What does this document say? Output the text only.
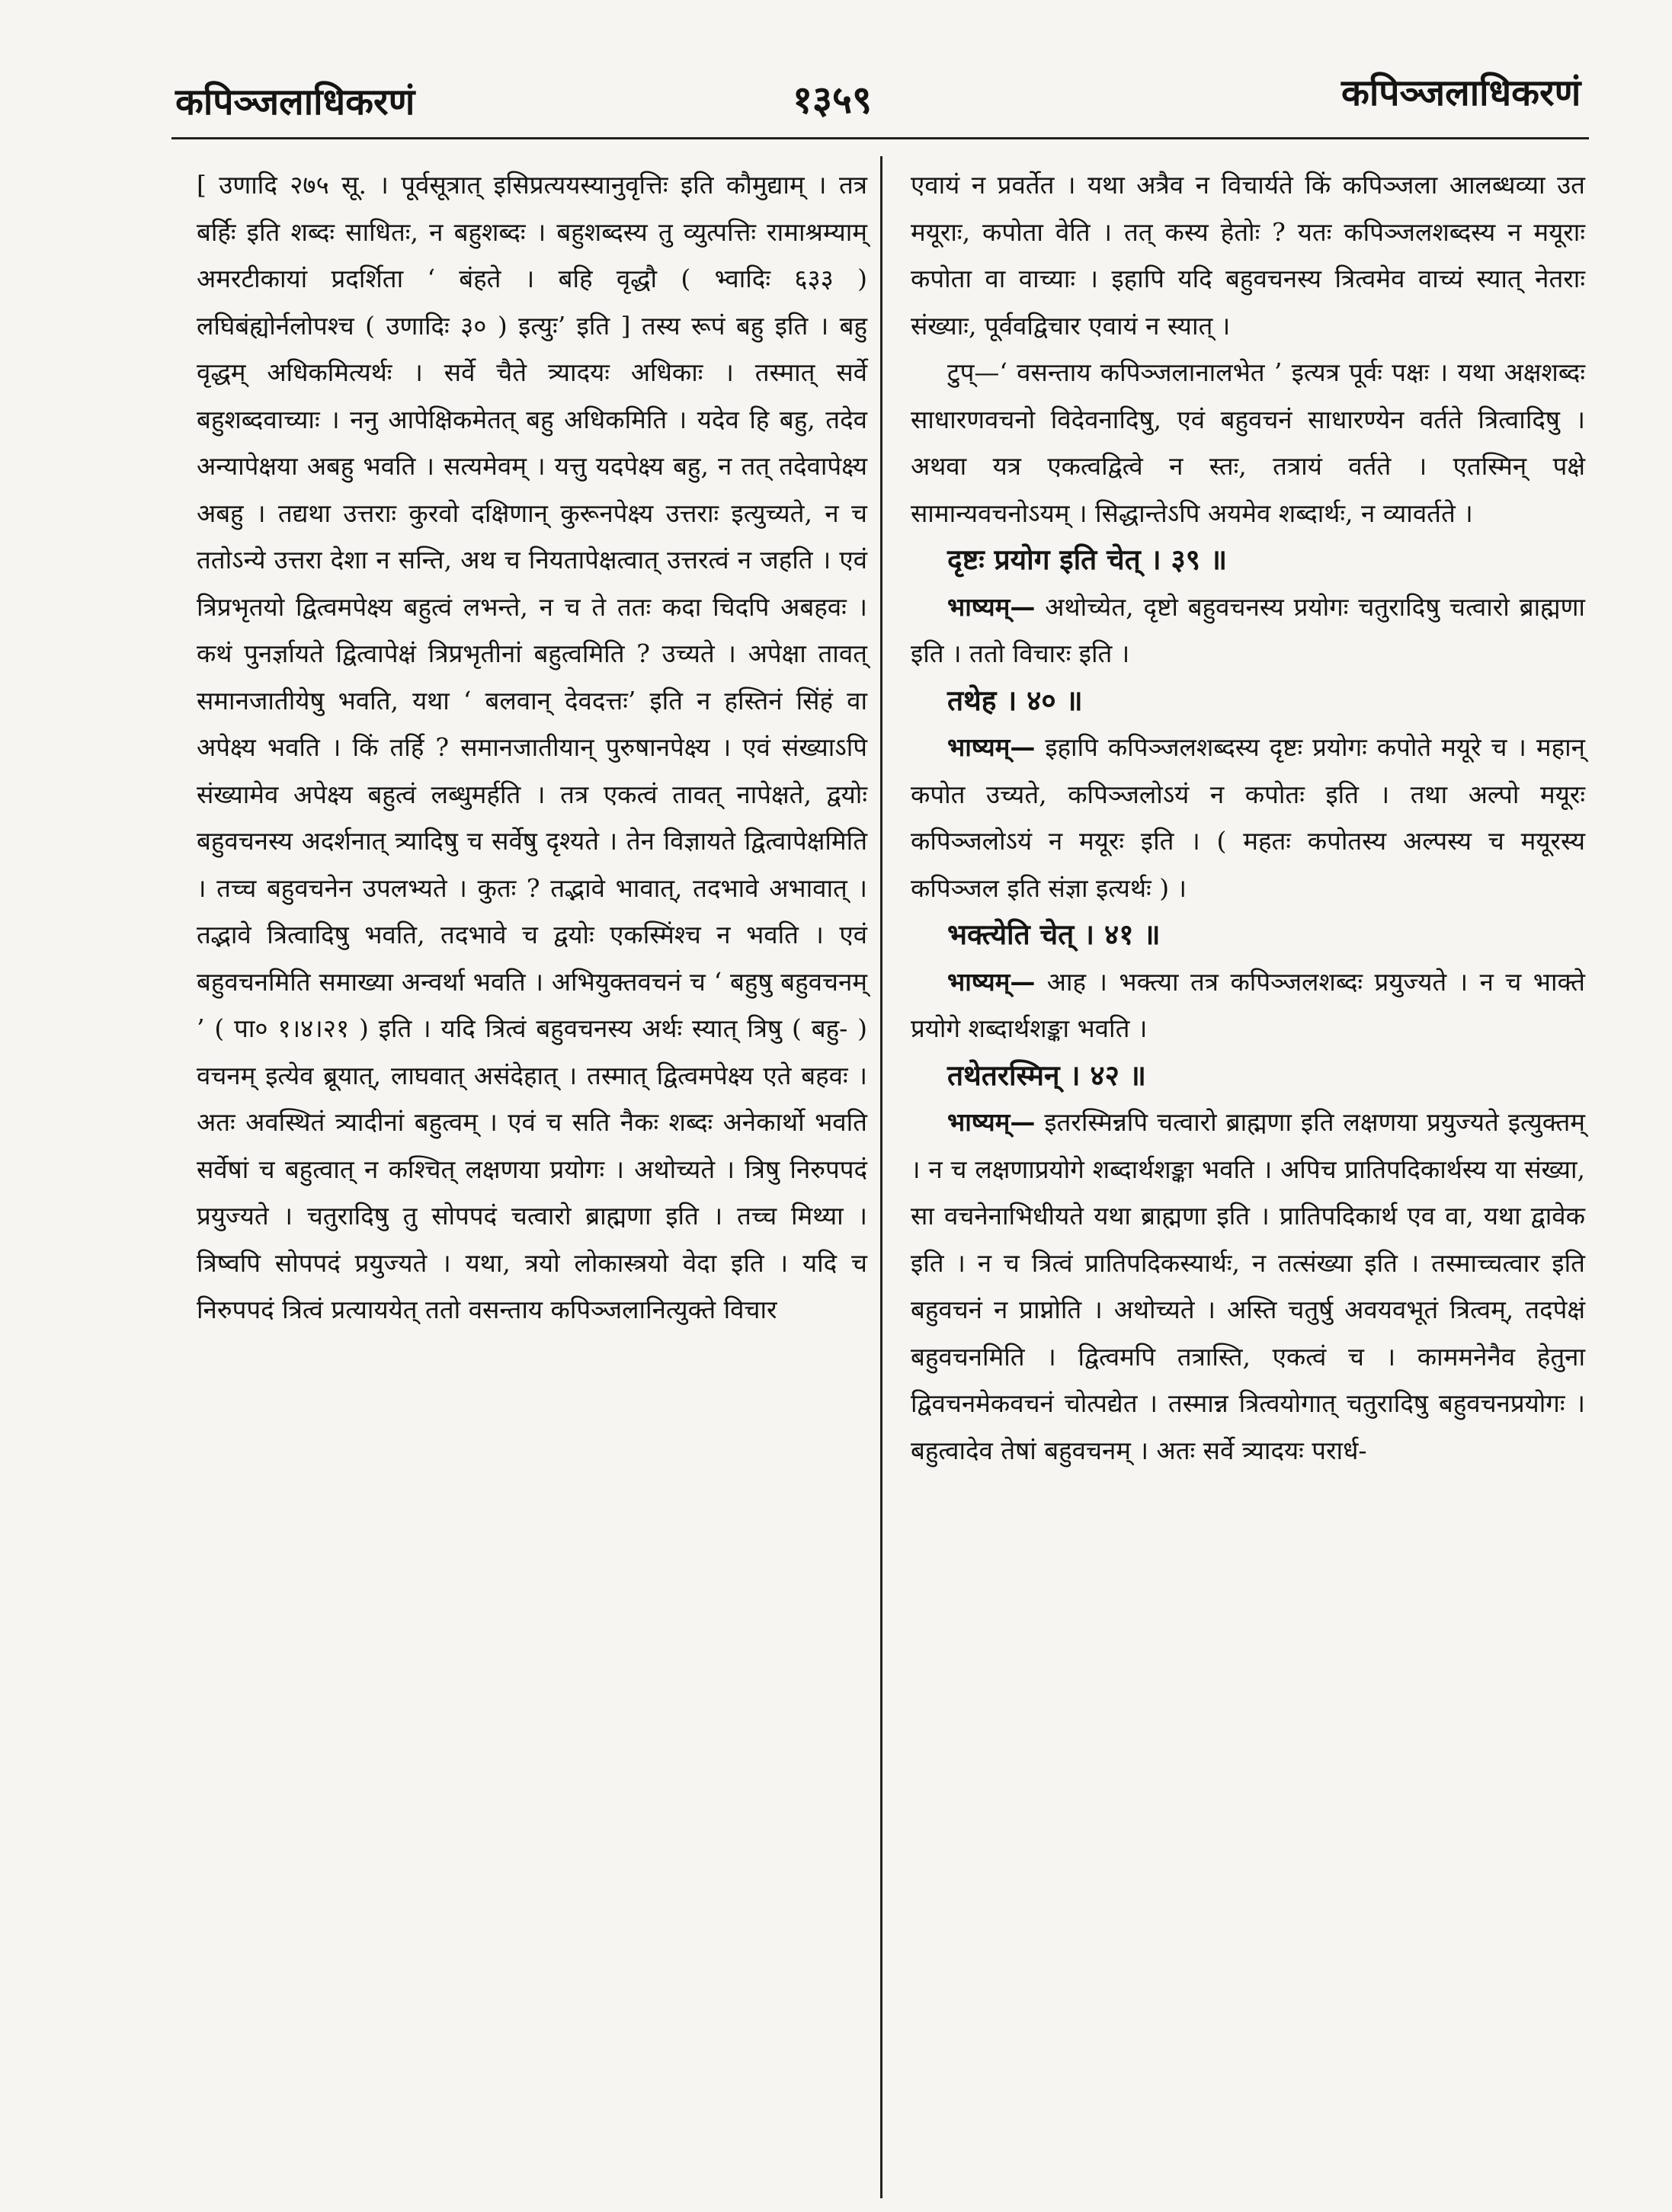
कपिञ्जलाधिकरणं	१३५९	कपिञ्जलाधिकरणं

[ उणादि २७५ सू. । पूर्वसूत्रात् इसिप्रत्ययस्यानुवृत्तिः इति कौमुद्याम् । तत्र बर्हिः इति शब्दः साधितः, न बहुशब्दः । बहुशब्दस्य तु व्युत्पत्तिः रामाश्रम्याम् अमरटीकायां प्रदर्शिता ‘ बंहते । बहि वृद्धौ ( भ्वादिः ६३३ ) लघिबंह्योर्नलोपश्च ( उणादिः ३० ) इत्युः’ इति ] तस्य रूपं बहु इति । बहु वृद्धम् अधिकमित्यर्थः । सर्वे चैते त्र्यादयः अधिकाः । तस्मात् सर्वे बहुशब्दवाच्याः । ननु आपेक्षिकमेतत् बहु अधिकमिति । यदेव हि बहु, तदेव अन्यापेक्षया अबहु भवति । सत्यमेवम् । यत्तु यदपेक्ष्य बहु, न तत् तदेवापेक्ष्य अबहु । तद्यथा उत्तराः कुरवो दक्षिणान् कुरूनपेक्ष्य उत्तराः इत्युच्यते, न च ततोऽन्ये उत्तरा देशा न सन्ति, अथ च नियतापेक्षत्वात् उत्तरत्वं न जहति । एवं त्रिप्रभृतयो द्वित्वमपेक्ष्य बहुत्वं लभन्ते, न च ते ततः कदा चिदपि अबहवः । कथं पुनर्ज्ञायते द्वित्वापेक्षं त्रिप्रभृतीनां बहुत्वमिति ? उच्यते । अपेक्षा तावत् समानजातीयेषु भवति, यथा ‘ बलवान् देवदत्तः’ इति न हस्तिनं सिंहं वा अपेक्ष्य भवति । किं तर्हि ? समानजातीयान् पुरुषानपेक्ष्य । एवं संख्याऽपि संख्यामेव अपेक्ष्य बहुत्वं लब्धुमर्हति । तत्र एकत्वं तावत् नापेक्षते, द्वयोः बहुवचनस्य अदर्शनात् त्र्यादिषु च सर्वेषु दृश्यते । तेन विज्ञायते द्वित्वापेक्षमिति । तच्च बहुवचनेन उपलभ्यते । कुतः ? तद्भावे भावात्, तदभावे अभावात् । तद्भावे त्रित्वादिषु भवति, तदभावे च द्वयोः एकस्मिंश्च न भवति । एवं बहुवचनमिति समाख्या अन्वर्था भवति । अभियुक्तवचनं च ‘ बहुषु बहुवचनम् ’ ( पा० १।४।२१ ) इति । यदि त्रित्वं बहुवचनस्य अर्थः स्यात् त्रिषु ( बहु- ) वचनम् इत्येव ब्रूयात्, लाघवात् असंदेहात् । तस्मात् द्वित्वमपेक्ष्य एते बहवः । अतः अवस्थितं त्र्यादीनां बहुत्वम् । एवं च सति नैकः शब्दः अनेकार्थो भवति सर्वेषां च बहुत्वात् न कश्चित् लक्षणया प्रयोगः । अथोच्यते । त्रिषु निरुपपदं प्रयुज्यते । चतुरादिषु तु सोपपदं चत्वारो ब्राह्मणा इति । तच्च मिथ्या । त्रिष्वपि सोपपदं प्रयुज्यते । यथा, त्रयो लोकास्त्रयो वेदा इति । यदि च निरुपपदं त्रित्वं प्रत्याययेत् ततो वसन्ताय कपिञ्जलानित्युक्ते विचार

एवायं न प्रवर्तेत । यथा अत्रैव न विचार्यते किं कपिञ्जला आलब्धव्या उत मयूराः, कपोता वेति । तत् कस्य हेतोः ? यतः कपिञ्जलशब्दस्य न मयूराः कपोता वा वाच्याः । इहापि यदि बहुवचनस्य त्रित्वमेव वाच्यं स्यात् नेतराः संख्याः, पूर्ववद्विचार एवायं न स्यात् ।

टुप्—‘ वसन्ताय कपिञ्जलानालभेत ’ इत्यत्र पूर्वः पक्षः । यथा अक्षशब्दः साधारणवचनो विदेवनादिषु, एवं बहुवचनं साधारण्येन वर्तते त्रित्वादिषु । अथवा यत्र एकत्वद्वित्वे न स्तः, तत्रायं वर्तते । एतस्मिन् पक्षे सामान्यवचनोऽयम् । सिद्धान्तेऽपि अयमेव शब्दार्थः, न व्यावर्तते ।

दृष्टः प्रयोग इति चेत् । ३९ ॥

भाष्यम्— अथोच्येत, दृष्टो बहुवचनस्य प्रयोगः चतुरादिषु चत्वारो ब्राह्मणा इति । ततो विचारः इति ।

तथेह । ४० ॥

भाष्यम्— इहापि कपिञ्जलशब्दस्य दृष्टः प्रयोगः कपोते मयूरे च । महान् कपोत उच्यते, कपिञ्जलोऽयं न कपोतः इति । तथा अल्पो मयूरः कपिञ्जलोऽयं न मयूरः इति । ( महतः कपोतस्य अल्पस्य च मयूरस्य कपिञ्जल इति संज्ञा इत्यर्थः ) ।

भक्त्येति चेत् । ४१ ॥

भाष्यम्— आह । भक्त्या तत्र कपिञ्जलशब्दः प्रयुज्यते । न च भाक्ते प्रयोगे शब्दार्थशङ्का भवति ।

तथेतरस्मिन् । ४२ ॥

भाष्यम्— इतरस्मिन्नपि चत्वारो ब्राह्मणा इति लक्षणया प्रयुज्यते इत्युक्तम् । न च लक्षणाप्रयोगे शब्दार्थशङ्का भवति । अपिच प्रातिपदिकार्थस्य या संख्या, सा वचनेनाभिधीयते यथा ब्राह्मणा इति । प्रातिपदिकार्थ एव वा, यथा द्वावेक इति । न च त्रित्वं प्रातिपदिकस्यार्थः, न तत्संख्या इति । तस्माच्चत्वार इति बहुवचनं न प्राप्नोति । अथोच्यते । अस्ति चतुर्षु अवयवभूतं त्रित्वम्, तदपेक्षं बहुवचनमिति । द्वित्वमपि तत्रास्ति, एकत्वं च । काममनेनैव हेतुना द्विवचनमेकवचनं चोत्पद्येत । तस्मान्न त्रित्वयोगात् चतुरादिषु बहुवचनप्रयोगः । बहुत्वादेव तेषां बहुवचनम् । अतः सर्वे त्र्यादयः परार्ध-
